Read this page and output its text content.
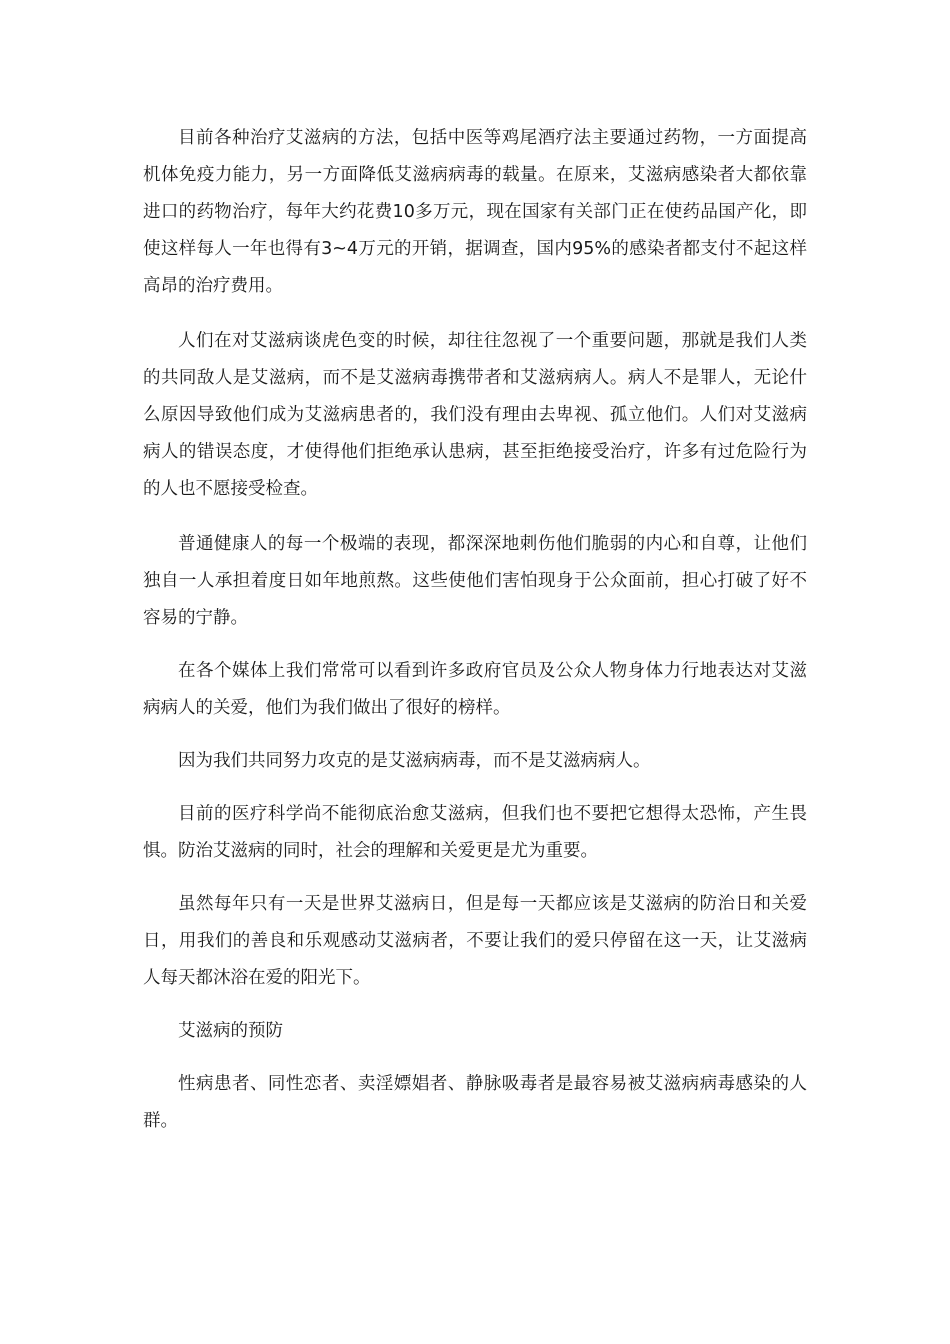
目前各种治疗艾滋病的方法，包括中医等鸡尾酒疗法主要通过药物，一方面提高机体免疫力能力，另一方面降低艾滋病病毒的载量。在原来，艾滋病感染者大都依靠进口的药物治疗，每年大约花费10多万元，现在国家有关部门正在使药品国产化，即使这样每人一年也得有3~4万元的开销，据调查，国内95%的感染者都支付不起这样高昂的治疗费用。

人们在对艾滋病谈虎色变的时候，却往往忽视了一个重要问题，那就是我们人类的共同敌人是艾滋病，而不是艾滋病毒携带者和艾滋病病人。病人不是罪人，无论什么原因导致他们成为艾滋病患者的，我们没有理由去卑视、孤立他们。人们对艾滋病病人的错误态度，才使得他们拒绝承认患病，甚至拒绝接受治疗，许多有过危险行为的人也不愿接受检查。

普通健康人的每一个极端的表现，都深深地刺伤他们脆弱的内心和自尊，让他们独自一人承担着度日如年地煎熬。这些使他们害怕现身于公众面前，担心打破了好不容易的宁静。

在各个媒体上我们常常可以看到许多政府官员及公众人物身体力行地表达对艾滋病病人的关爱，他们为我们做出了很好的榜样。

因为我们共同努力攻克的是艾滋病病毒，而不是艾滋病病人。

目前的医疗科学尚不能彻底治愈艾滋病，但我们也不要把它想得太恐怖，产生畏惧。防治艾滋病的同时，社会的理解和关爱更是尤为重要。

虽然每年只有一天是世界艾滋病日，但是每一天都应该是艾滋病的防治日和关爱日，用我们的善良和乐观感动艾滋病者，不要让我们的爱只停留在这一天，让艾滋病人每天都沐浴在爱的阳光下。

艾滋病的预防

性病患者、同性恋者、卖淫嫖娼者、静脉吸毒者是最容易被艾滋病病毒感染的人群。
